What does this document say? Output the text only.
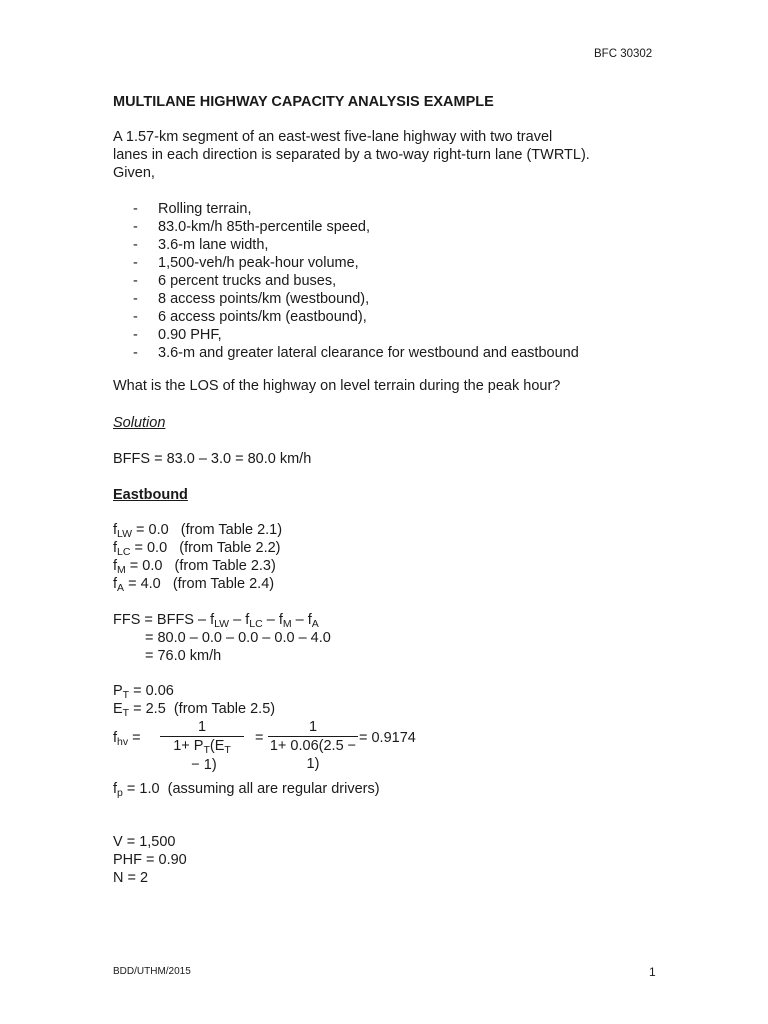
BFC 30302
MULTILANE HIGHWAY CAPACITY ANALYSIS EXAMPLE
A 1.57-km segment of an east-west five-lane highway with two travel
lanes in each direction is separated by a two-way right-turn lane (TWRTL).
Given,
- Rolling terrain,
- 83.0-km/h 85th-percentile speed,
- 3.6-m lane width,
- 1,500-veh/h peak-hour volume,
- 6 percent trucks and buses,
- 8 access points/km (westbound),
- 6 access points/km (eastbound),
- 0.90 PHF,
- 3.6-m and greater lateral clearance for westbound and eastbound
What is the LOS of the highway on level terrain during the peak hour?
Solution
BFFS = 83.0 – 3.0 = 80.0 km/h
Eastbound
$f_{LW} = 0.0$   (from Table 2.1)
$f_{LC} = 0.0$   (from Table 2.2)
$f_M = 0.0$   (from Table 2.3)
$f_A = 4.0$   (from Table 2.4)
FFS = BFFS – $f_{LW} - f_{LC} - f_M - f_A$
= 80.0 – 0.0 – 0.0 – 0.0 – 4.0
= 76.0 km/h
$P_T = 0.06$
$E_T = 2.5$  (from Table 2.5)
$f_{hv}$ =
1
$1+ P_T(E_T - 1)$
=
1
1+ 0.06(2.5 − 1)
= 0.9174
$f_p = 1.0$  (assuming all are regular drivers)
V = 1,500
PHF = 0.90
N = 2
BDD/UTHM/2015	1
